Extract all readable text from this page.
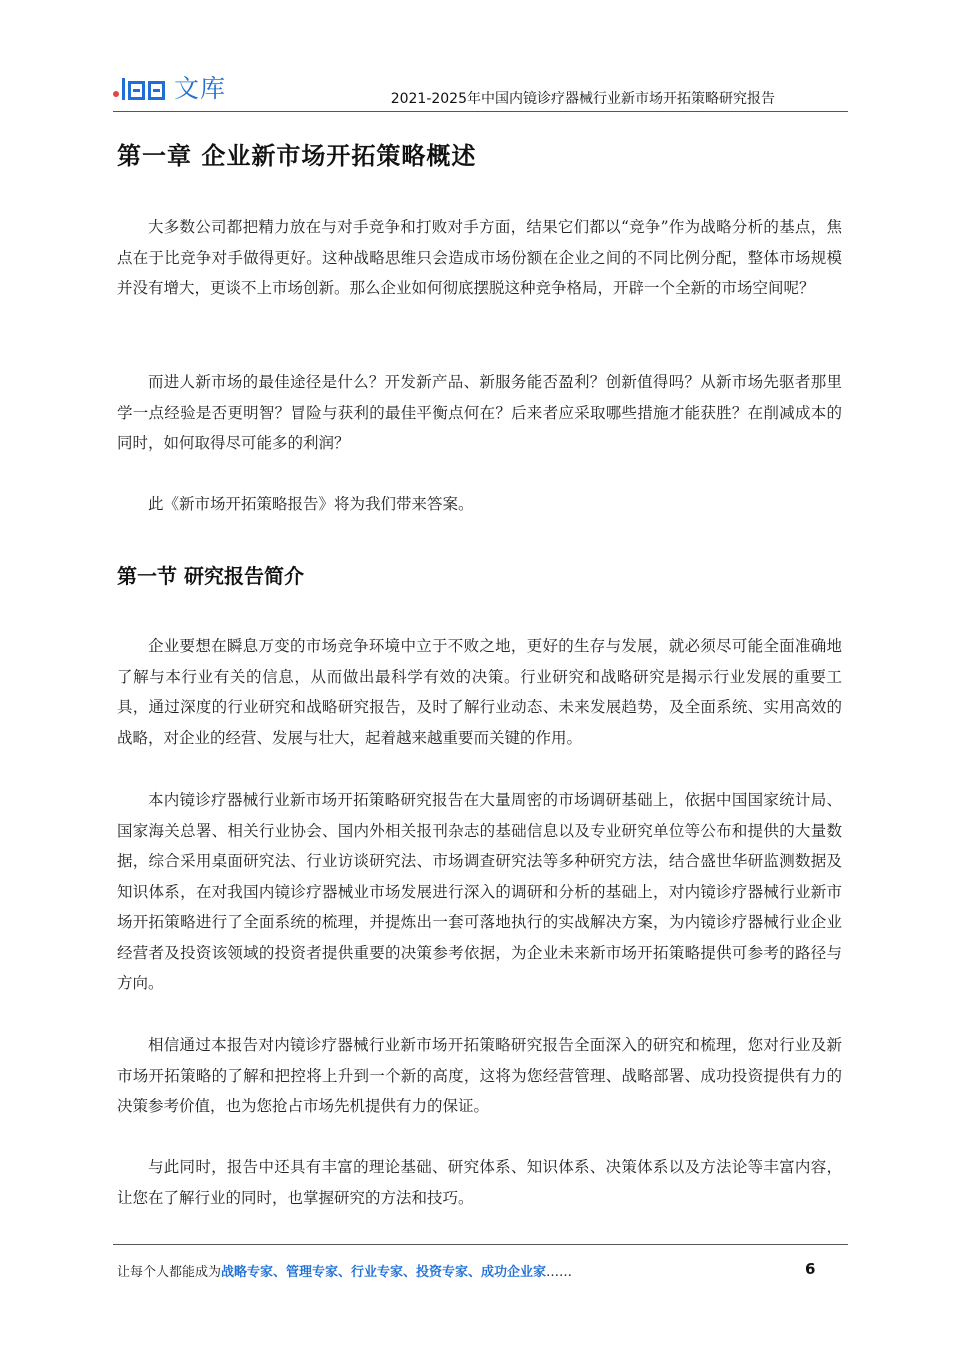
文库	2021-2025年中国内镜诊疗器械行业新市场开拓策略研究报告
第一章 企业新市场开拓策略概述

大多数公司都把精力放在与对手竞争和打败对手方面，结果它们都以“竞争”作为战略分析的基点，焦点在于比竞争对手做得更好。这种战略思维只会造成市场份额在企业之间的不同比例分配，整体市场规模并没有增大，更谈不上市场创新。那么企业如何彻底摆脱这种竞争格局，开辟一个全新的市场空间呢？

而进人新市场的最佳途径是什么？开发新产品、新服务能否盈利？创新值得吗？从新市场先驱者那里学一点经验是否更明智？冒险与获利的最佳平衡点何在？后来者应采取哪些措施才能获胜？在削减成本的同时，如何取得尽可能多的利润？

此《新市场开拓策略报告》将为我们带来答案。

第一节 研究报告简介

企业要想在瞬息万变的市场竞争环境中立于不败之地，更好的生存与发展，就必须尽可能全面准确地了解与本行业有关的信息，从而做出最科学有效的决策。行业研究和战略研究是揭示行业发展的重要工具，通过深度的行业研究和战略研究报告，及时了解行业动态、未来发展趋势，及全面系统、实用高效的战略，对企业的经营、发展与壮大，起着越来越重要而关键的作用。

本内镜诊疗器械行业新市场开拓策略研究报告在大量周密的市场调研基础上，依据中国国家统计局、国家海关总署、相关行业协会、国内外相关报刊杂志的基础信息以及专业研究单位等公布和提供的大量数据，综合采用桌面研究法、行业访谈研究法、市场调查研究法等多种研究方法，结合盛世华研监测数据及知识体系，在对我国内镜诊疗器械业市场发展进行深入的调研和分析的基础上，对内镜诊疗器械行业新市场开拓策略进行了全面系统的梳理，并提炼出一套可落地执行的实战解决方案，为内镜诊疗器械行业企业经营者及投资该领域的投资者提供重要的决策参考依据，为企业未来新市场开拓策略提供可参考的路径与方向。

相信通过本报告对内镜诊疗器械行业新市场开拓策略研究报告全面深入的研究和梳理，您对行业及新市场开拓策略的了解和把控将上升到一个新的高度，这将为您经营管理、战略部署、成功投资提供有力的决策参考价值，也为您抢占市场先机提供有力的保证。

与此同时，报告中还具有丰富的理论基础、研究体系、知识体系、决策体系以及方法论等丰富内容，让您在了解行业的同时，也掌握研究的方法和技巧。

让每个人都能成为战略专家、管理专家、行业专家、投资专家、成功企业家……	6
